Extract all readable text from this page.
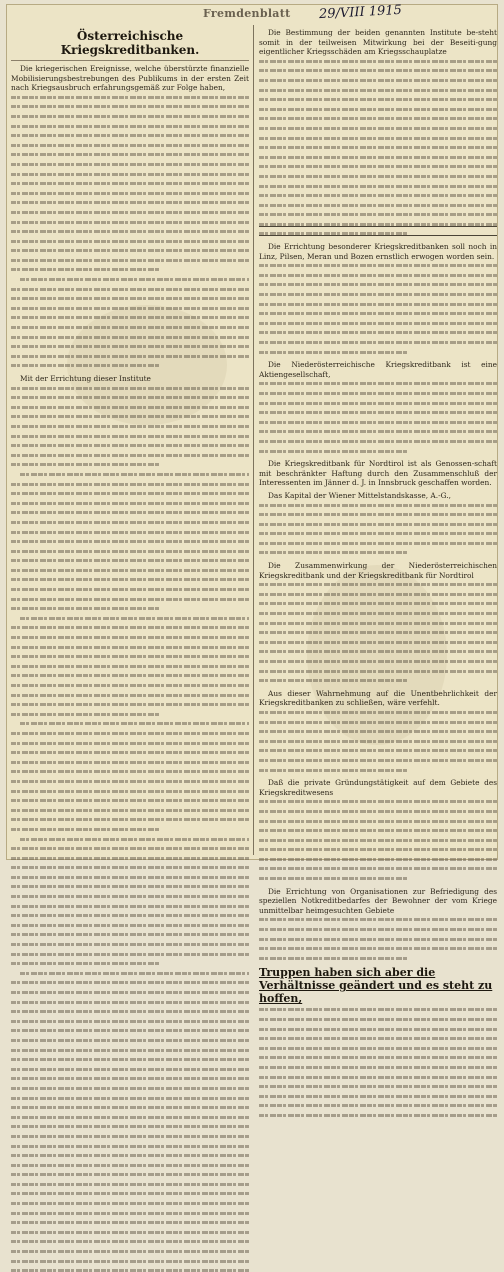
Fremdenblatt 29/VIII 1915
Österreichische Kriegskreditbanken.
Die kriegerischen Ereignisse, welche überstürzte finanzielle Mobilisierungsbestrebungen des Publikums in der ersten Zeit nach Kriegsausbruch erfahrungsgemäß zur Folge haben,
Mit der Errichtung dieser Institute
Die Bestimmung der beiden genannten Institute be-steht somit in der teilweisen Mitwirkung bei der Beseiti-gung eigentlicher Kriegsschäden am Kriegsschauplatze
Die Errichtung besonderer Kriegskreditbanken soll noch in Linz, Pilsen, Meran und Bozen ernstlich erwogen worden sein.
Die Niederösterreichische Kriegskreditbank ist eine Aktiengesellschaft,
Die Kriegskreditbank für Nordtirol ist als Genossen-schaft mit beschränkter Haftung durch den Zusammenschluß der Interessenten im Jänner d. J. in Innsbruck geschaffen worden.
Das Kapital der Wiener Mittelstandskasse, A.-G.,
Die Zusammenwirkung der Niederösterreichischen Kriegskreditbank und der Kriegskreditbank für Nordtirol
Aus dieser Wahrnehmung auf die Unentbehrlichkeit der Kriegskreditbanken zu schließen, wäre verfehlt.
Daß die private Gründungstätigkeit auf dem Gebiete des Kriegskreditwesens
Die Errichtung von Organisationen zur Befriedigung des speziellen Notkreditbedarfes der Bewohner der vom Kriege unmittelbar heimgesuchten Gebiete
Truppen haben sich aber die Verhältnisse geändert und es steht zu hoffen,
